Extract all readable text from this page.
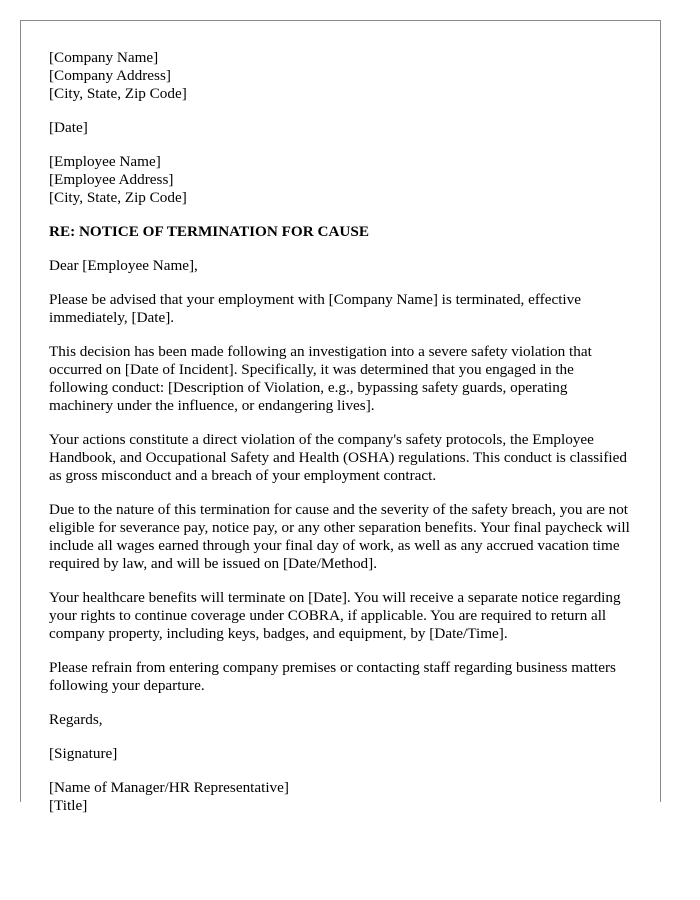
[Company Name]
[Company Address]
[City, State, Zip Code]
[Date]
[Employee Name]
[Employee Address]
[City, State, Zip Code]
RE: NOTICE OF TERMINATION FOR CAUSE
Dear [Employee Name],

Please be advised that your employment with [Company Name] is terminated, effective immediately, [Date].

This decision has been made following an investigation into a severe safety violation that occurred on [Date of Incident]. Specifically, it was determined that you engaged in the following conduct: [Description of Violation, e.g., bypassing safety guards, operating machinery under the influence, or endangering lives].

Your actions constitute a direct violation of the company's safety protocols, the Employee Handbook, and Occupational Safety and Health (OSHA) regulations. This conduct is classified as gross misconduct and a breach of your employment contract.

Due to the nature of this termination for cause and the severity of the safety breach, you are not eligible for severance pay, notice pay, or any other separation benefits. Your final paycheck will include all wages earned through your final day of work, as well as any accrued vacation time required by law, and will be issued on [Date/Method].

Your healthcare benefits will terminate on [Date]. You will receive a separate notice regarding your rights to continue coverage under COBRA, if applicable. You are required to return all company property, including keys, badges, and equipment, by [Date/Time].

Please refrain from entering company premises or contacting staff regarding business matters following your departure.

Regards,
[Signature]
[Name of Manager/HR Representative]
[Title]
